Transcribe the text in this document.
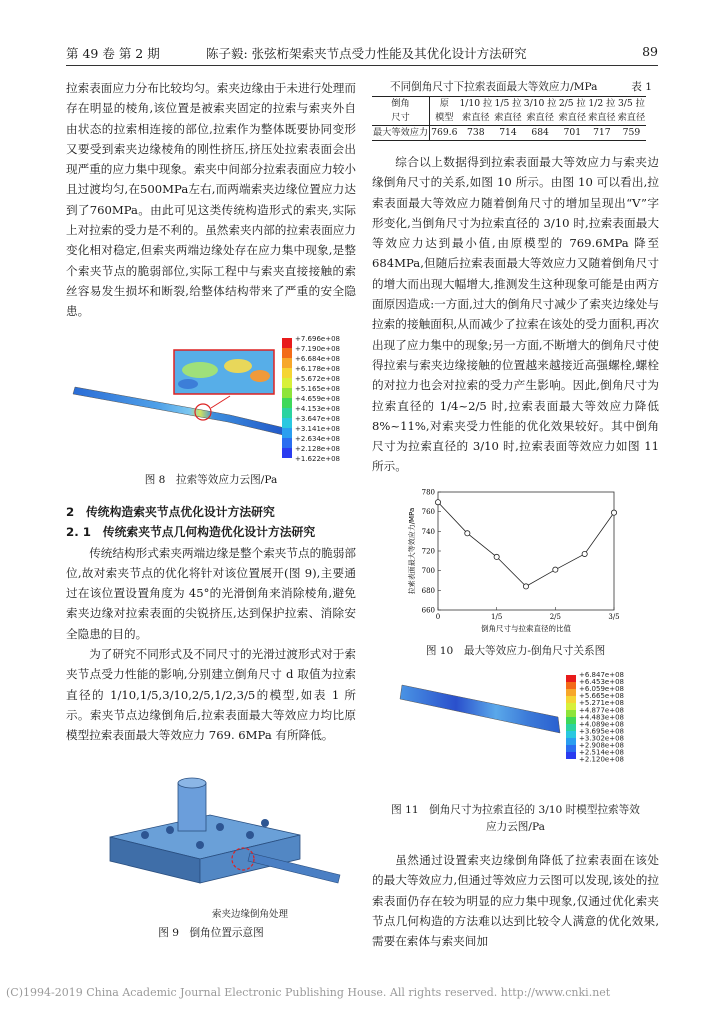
第 49 卷 第 2 期	陈子毅: 张弦桁架索夹节点受力性能及其优化设计方法研究	89

拉索表面应力分布比较均匀。索夹边缘由于未进行处理而存在明显的棱角,该位置是被索夹固定的拉索与索夹外自由状态的拉索相连接的部位,拉索作为整体既要协同变形又要受到索夹边缘棱角的刚性挤压,挤压处拉索表面会出现严重的应力集中现象。索夹中间部分拉索表面应力较小且过渡均匀,在500MPa左右,而两端索夹边缘位置应力达到了760MPa。由此可见这类传统构造形式的索夹,实际上对拉索的受力是不利的。虽然索夹内部的拉索表面应力变化相对稳定,但索夹两端边缘处存在应力集中现象,是整个索夹节点的脆弱部位,实际工程中与索夹直接接触的索丝容易发生损坏和断裂,给整体结构带来了严重的安全隐患。

+7.696e+08
+7.190e+08
+6.684e+08
+6.178e+08
+5.672e+08
+5.165e+08
+4.659e+08
+4.153e+08
+3.647e+08
+3.141e+08
+2.634e+08
+2.128e+08
+1.622e+08
图 8　拉索等效应力云图/Pa

2　传统构造索夹节点优化设计方法研究

2. 1　传统索夹节点几何构造优化设计方法研究

传统结构形式索夹两端边缘是整个索夹节点的脆弱部位,故对索夹节点的优化将针对该位置展开(图 9),主要通过在该位置设置角度为 45°的光滑倒角来消除棱角,避免索夹边缘对拉索表面的尖锐挤压,达到保护拉索、消除安全隐患的目的。

为了研究不同形式及不同尺寸的光滑过渡形式对于索夹节点受力性能的影响,分别建立倒角尺寸 d 取值为拉索直径的 1/10,1/5,3/10,2/5,1/2,3/5的模型,如表 1 所示。索夹节点边缘倒角后,拉索表面最大等效应力均比原模型拉索表面最大等效应力 769. 6MPa 有所降低。

索夹边缘倒角处理
图 9　倒角位置示意图
不同倒角尺寸下拉索表面最大等效应力/MPa	表 1
倒角	原	1/10 拉	1/5 拉	3/10 拉	2/5 拉	1/2 拉	3/5 拉
尺寸	模型	索直径	索直径	索直径	索直径	索直径	索直径
最大等效应力	769.6	738	714	684	701	717	759

综合以上数据得到拉索表面最大等效应力与索夹边缘倒角尺寸的关系,如图 10 所示。由图 10 可以看出,拉索表面最大等效应力随着倒角尺寸的增加呈现出“V”字形变化,当倒角尺寸为拉索直径的 3/10 时,拉索表面最大等效应力达到最小值,由原模型的 769.6MPa 降至 684MPa,但随后拉索表面最大等效应力又随着倒角尺寸的增大而出现大幅增大,推测发生这种现象可能是由两方面原因造成:一方面,过大的倒角尺寸减少了索夹边缘处与拉索的接触面积,从而减少了拉索在该处的受力面积,再次出现了应力集中的现象;另一方面,不断增大的倒角尺寸使得拉索与索夹边缘接触的位置越来越接近高强螺栓,螺栓的对拉力也会对拉索的受力产生影响。因此,倒角尺寸为拉索直径的 1/4~2/5 时,拉索表面最大等效应力降低 8%~11%,对索夹受力性能的优化效果较好。其中倒角尺寸为拉索直径的 3/10 时,拉索表面等效应力如图 11 所示。

660
680
700
720
740
760
780
0	1/5	2/5	3/5
倒角尺寸与拉索直径的比值
拉索表面最大等效应力/MPa
图 10　最大等效应力-倒角尺寸关系图
+6.847e+08
+6.453e+08
+6.059e+08
+5.665e+08
+5.271e+08
+4.877e+08
+4.483e+08
+4.089e+08
+3.695e+08
+3.302e+08
+2.908e+08
+2.514e+08
+2.120e+08
图 11　倒角尺寸为拉索直径的 3/10 时模型拉索等效
应力云图/Pa

虽然通过设置索夹边缘倒角降低了拉索表面在该处的最大等效应力,但通过等效应力云图可以发现,该处的拉索表面仍存在较为明显的应力集中现象,仅通过优化索夹节点几何构造的方法难以达到比较令人满意的优化效果,需要在索体与索夹间加

(C)1994-2019 China Academic Journal Electronic Publishing House. All rights reserved. http://www.cnki.net
